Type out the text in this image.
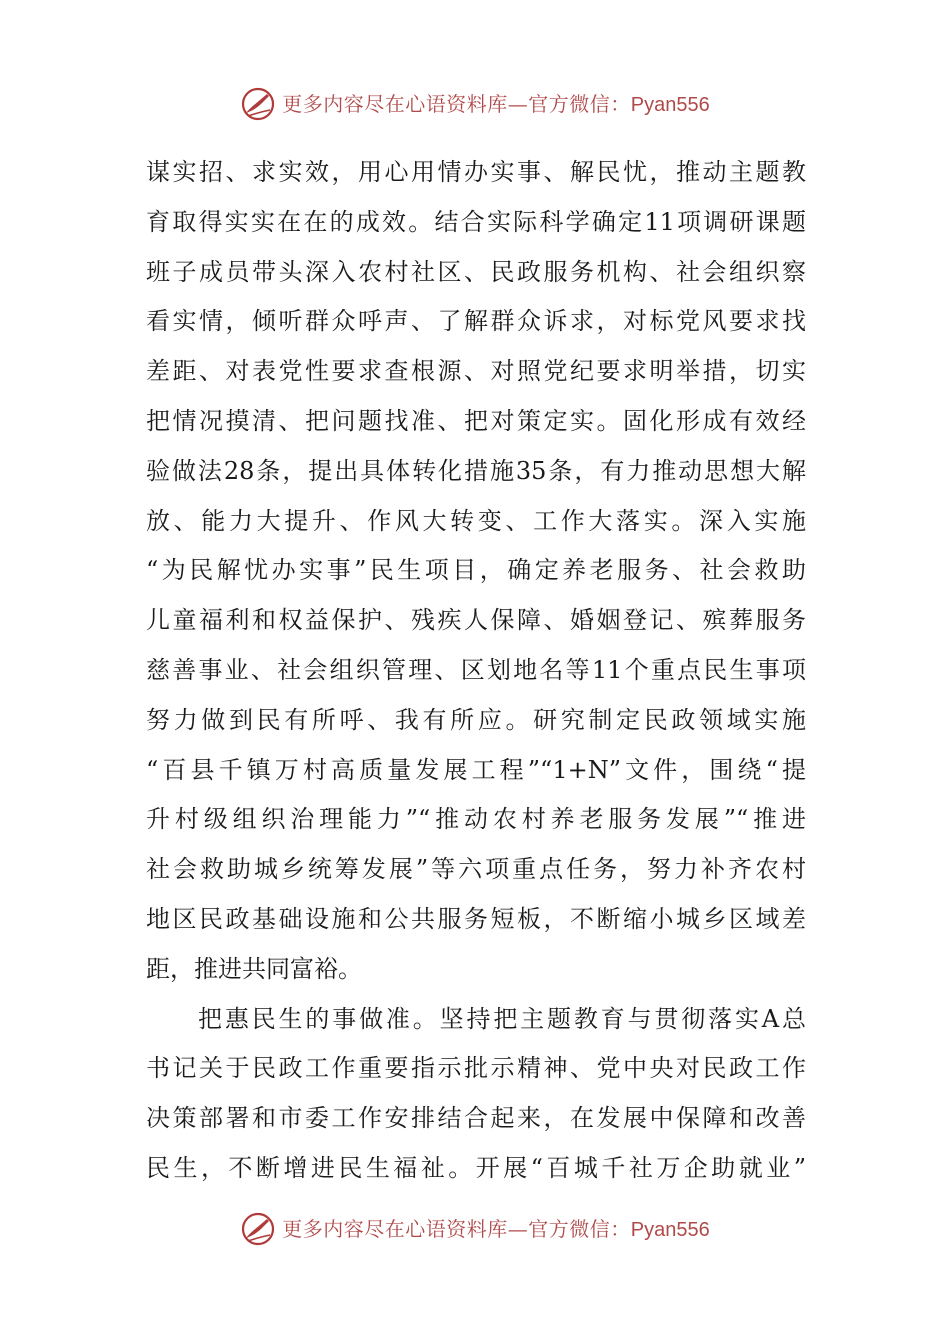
更多内容尽在心语资料库—官方微信： Pyan556
谋实招、求实效，用心用情办实事、解民忧，推动主题教
育取得实实在在的成效。结合实际科学确定11项调研课题
班子成员带头深入农村社区、民政服务机构、社会组织察
看实情，倾听群众呼声、了解群众诉求，对标党风要求找
差距、对表党性要求查根源、对照党纪要求明举措，切实
把情况摸清、把问题找准、把对策定实。固化形成有效经
验做法28条，提出具体转化措施35条，有力推动思想大解
放、能力大提升、作风大转变、工作大落实。深入实施
“为民解忧办实事”民生项目，确定养老服务、社会救助
儿童福利和权益保护、残疾人保障、婚姻登记、殡葬服务
慈善事业、社会组织管理、区划地名等11个重点民生事项
努力做到民有所呼、我有所应。研究制定民政领域实施
“百县千镇万村高质量发展工程”“1+N”文件，围绕“提
升村级组织治理能力”“推动农村养老服务发展”“推进
社会救助城乡统筹发展”等六项重点任务，努力补齐农村
地区民政基础设施和公共服务短板，不断缩小城乡区域差
距，推进共同富裕。
把惠民生的事做准。坚持把主题教育与贯彻落实A总
书记关于民政工作重要指示批示精神、党中央对民政工作
决策部署和市委工作安排结合起来，在发展中保障和改善
民生，不断增进民生福祉。开展“百城千社万企助就业”
更多内容尽在心语资料库—官方微信： Pyan556
